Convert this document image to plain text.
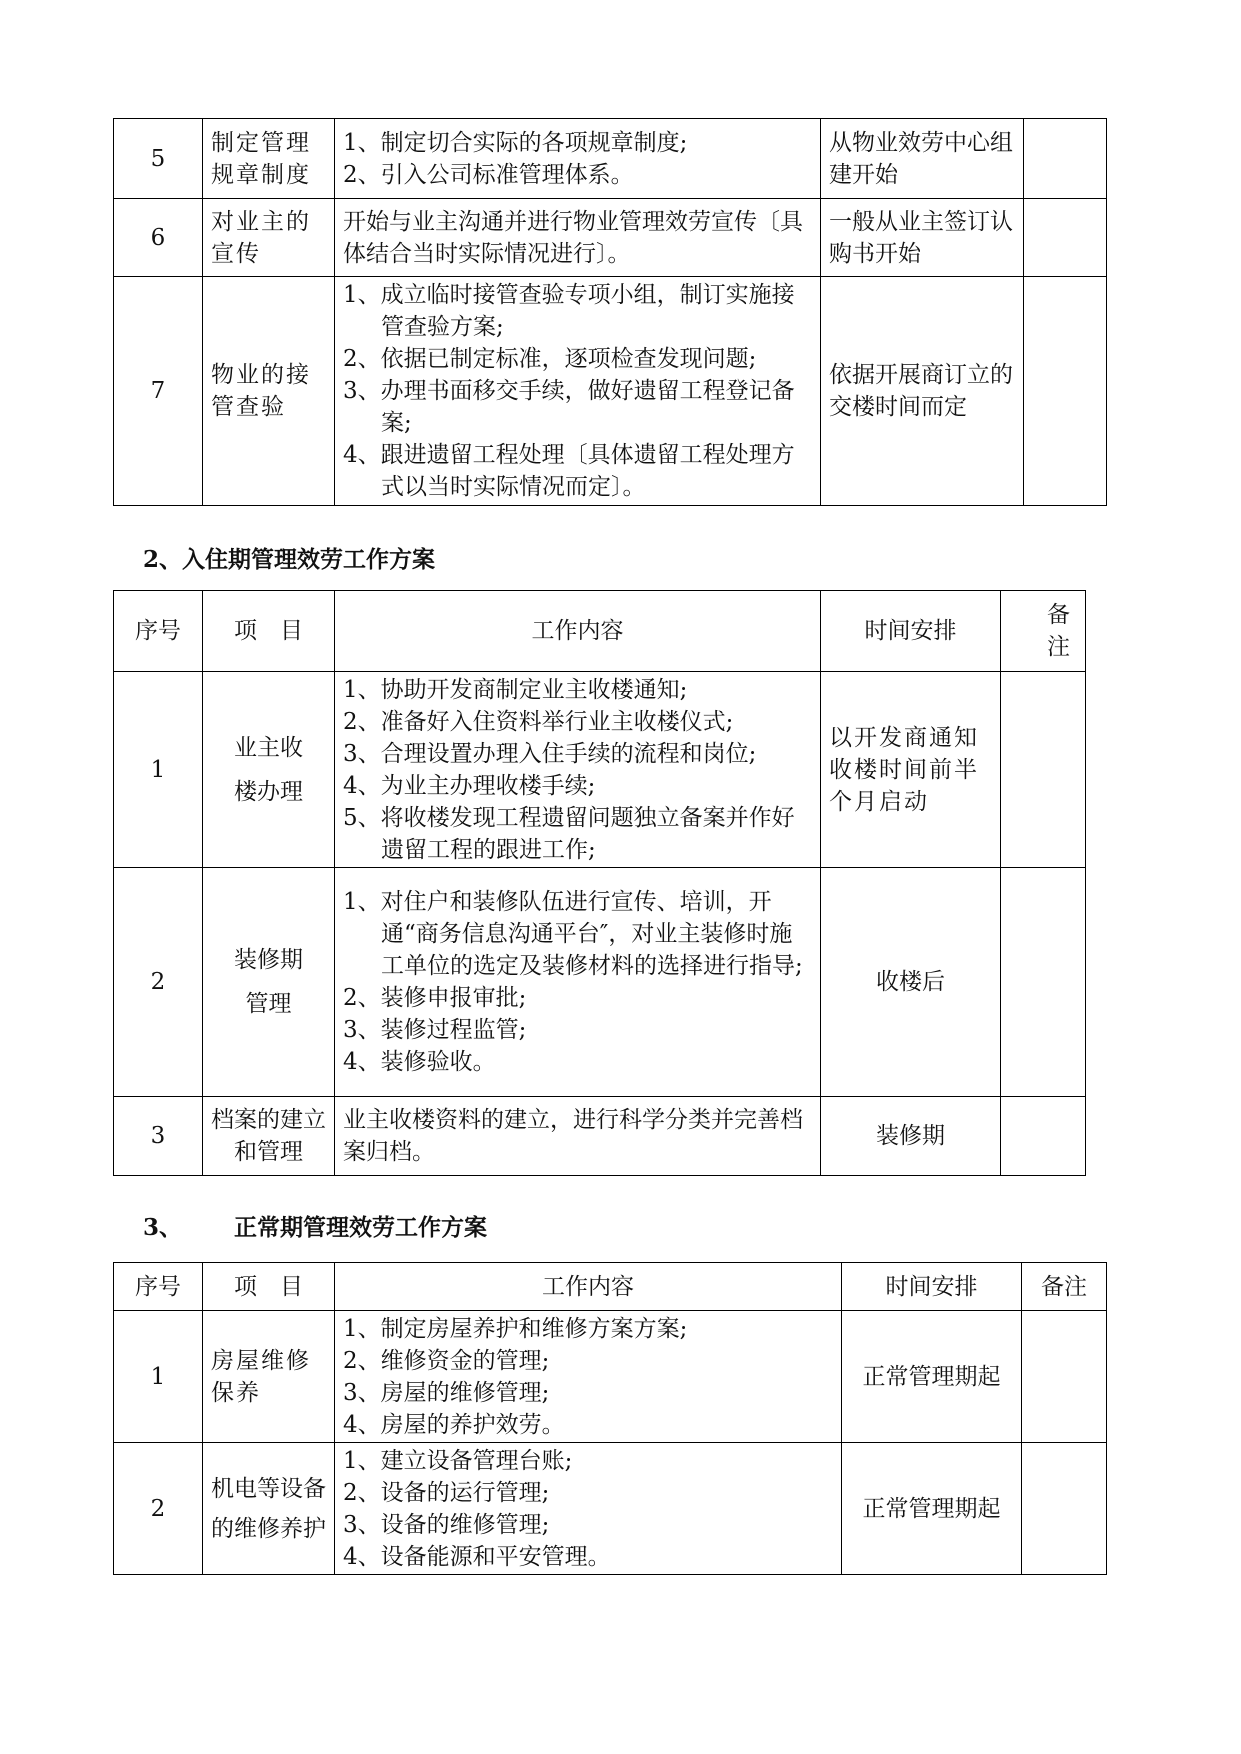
5	制定管理规章制度	1、制定切合实际的各项规章制度;
2、引入公司标准管理体系。	从物业效劳中心组建开始	
6	对业主的宣传	开始与业主沟通并进行物业管理效劳宣传〔具体结合当时实际情况进行〕。	一般从业主签订认购书开始	
7	物业的接管查验	1、成立临时接管查验专项小组，制订实施接管查验方案;
2、依据已制定标准，逐项检查发现问题;
3、办理书面移交手续，做好遗留工程登记备案;
4、跟进遗留工程处理〔具体遗留工程处理方式以当时实际情况而定〕。	依据开展商订立的交楼时间而定	
2、入住期管理效劳工作方案
序号	项　目	工作内容	时间安排	备注
1	业主收楼办理	1、协助开发商制定业主收楼通知;
2、准备好入住资料举行业主收楼仪式;
3、合理设置办理入住手续的流程和岗位;
4、为业主办理收楼手续;
5、将收楼发现工程遗留问题独立备案并作好遗留工程的跟进工作;	以开发商通知收楼时间前半个月启动	
2	装修期管理	1、对住户和装修队伍进行宣传、培训，开通“商务信息沟通平台″，对业主装修时施工单位的选定及装修材料的选择进行指导;
2、装修申报审批;
3、装修过程监管;
4、装修验收。	收楼后	
3	档案的建立和管理	业主收楼资料的建立，进行科学分类并完善档案归档。	装修期	
3、 正常期管理效劳工作方案
序号	项　目	工作内容	时间安排	备注
1	房屋维修保养	1、制定房屋养护和维修方案方案;
2、维修资金的管理;
3、房屋的维修管理;
4、房屋的养护效劳。	正常管理期起	
2	机电等设备的维修养护	1、建立设备管理台账;
2、设备的运行管理;
3、设备的维修管理;
4、设备能源和平安管理。	正常管理期起	
